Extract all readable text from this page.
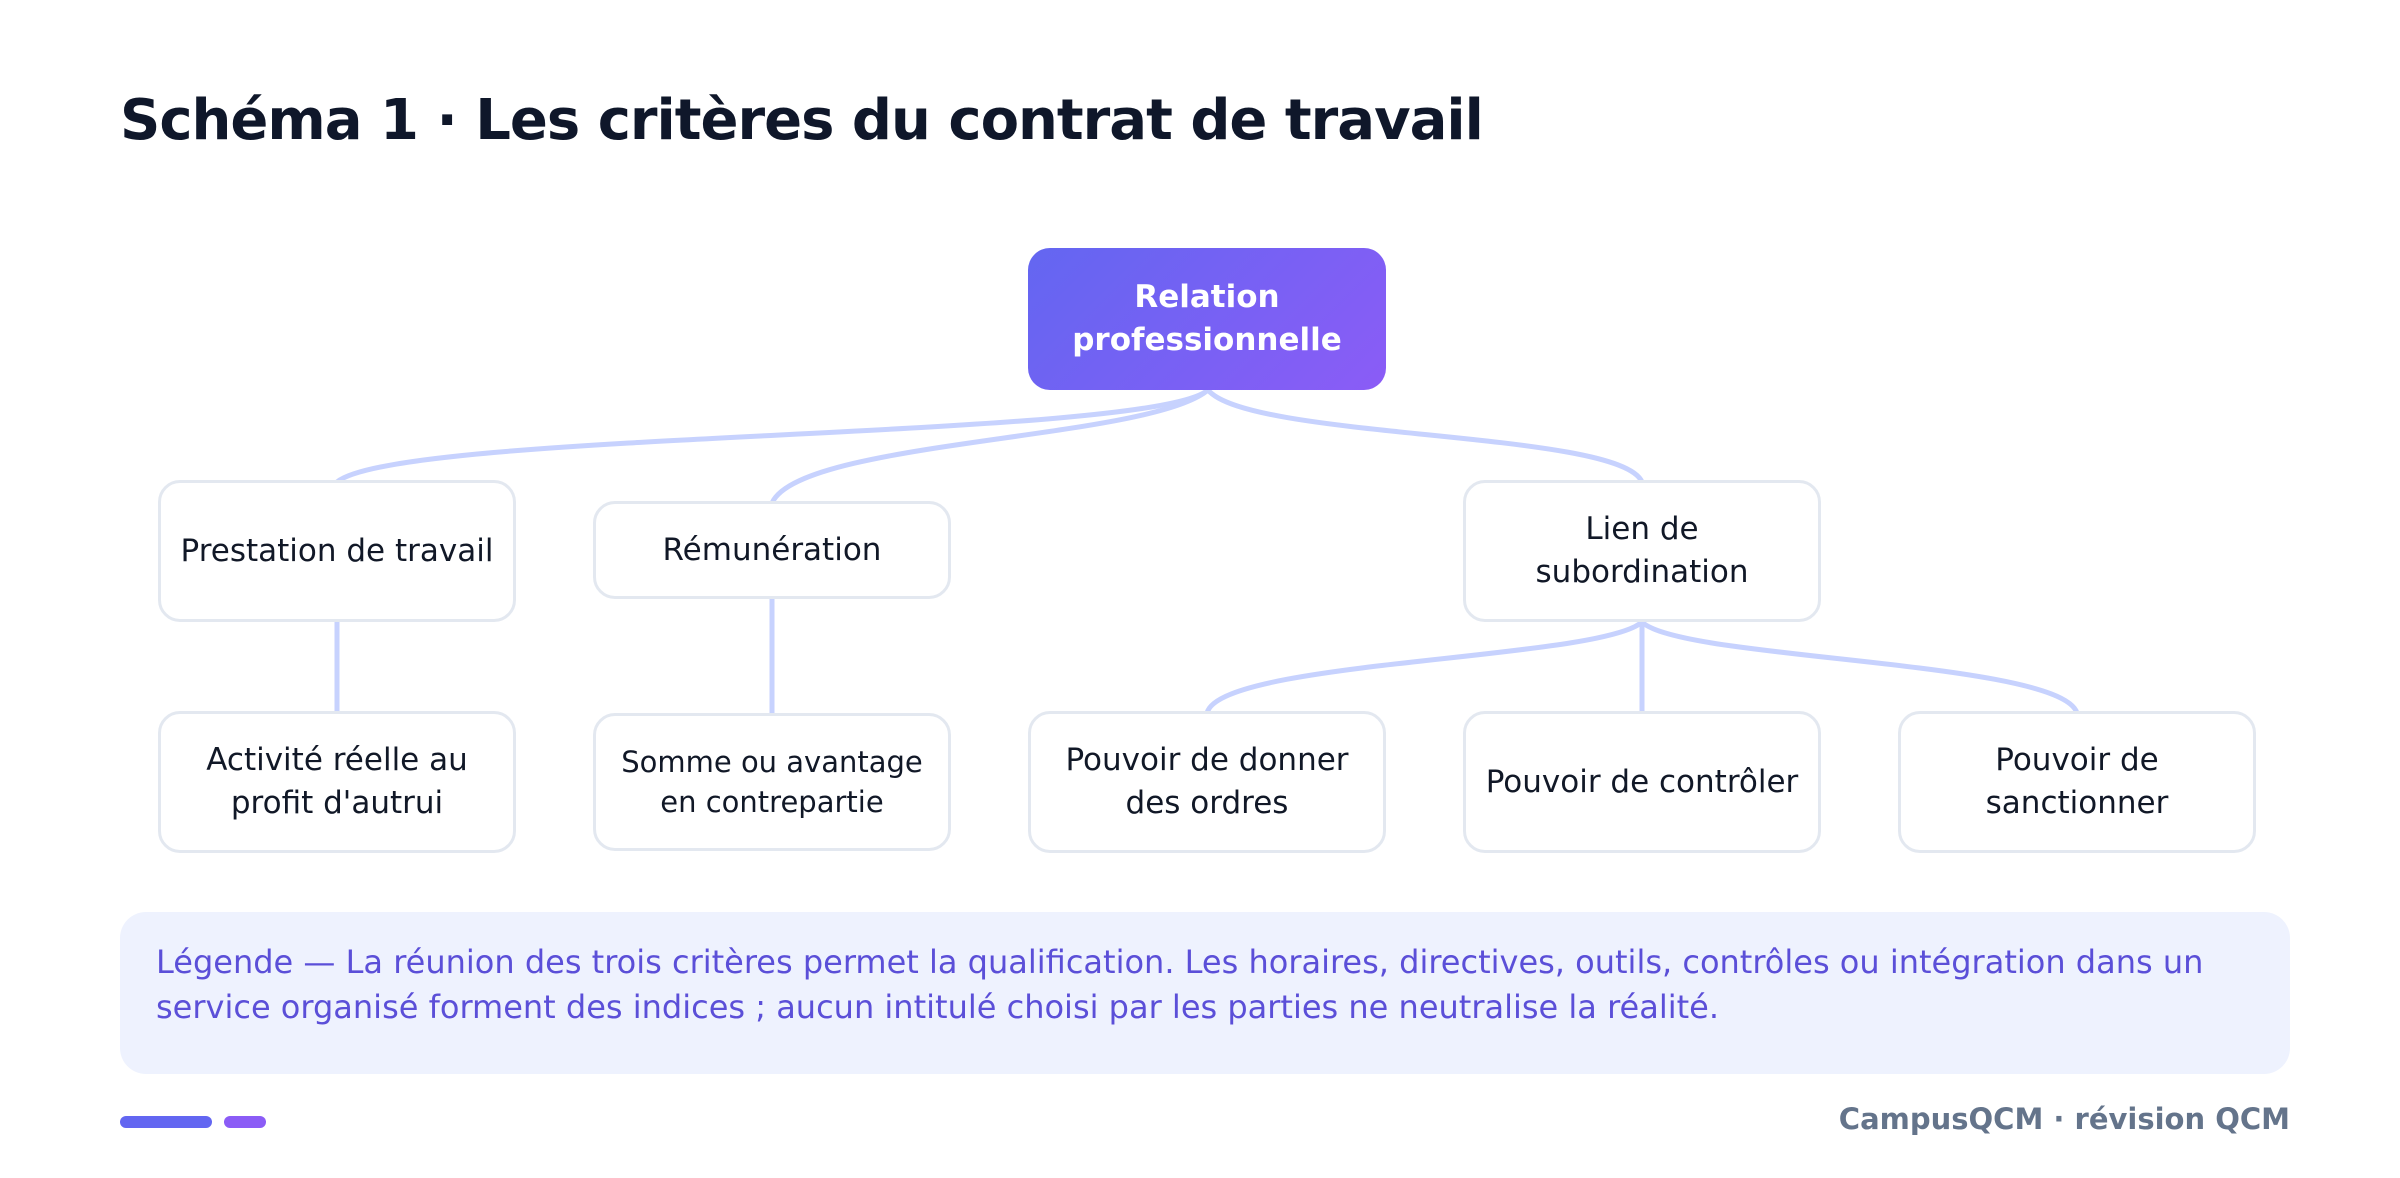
Schéma 1 · Les critères du contrat de travail
Relation professionnelle
Prestation de travail	Rémunération
Lien de subordination
Activité réelle au profit d'autrui
Somme ou avantage en contrepartie
Pouvoir de donner des ordres
Pouvoir de contrôler
Pouvoir de sanctionner
Légende — La réunion des trois critères permet la qualification. Les horaires, directives, outils, contrôles ou intégration dans un service organisé forment des indices ; aucun intitulé choisi par les parties ne neutralise la réalité.
CampusQCM · révision QCM
